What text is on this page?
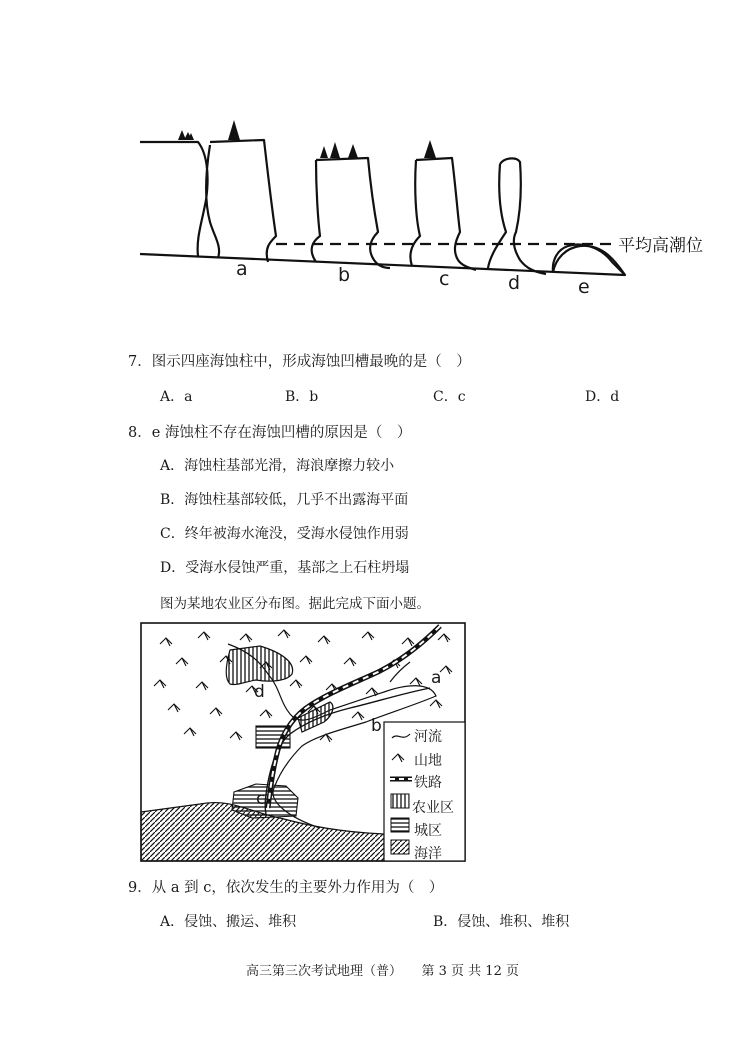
平均高潮位
a	b	c	d	e
7．图示四座海蚀柱中，形成海蚀凹槽最晚的是（　）
A．a	B．b	C．c	D．d
8．e 海蚀柱不存在海蚀凹槽的原因是（　）
A．海蚀柱基部光滑，海浪摩擦力较小
B．海蚀柱基部较低，几乎不出露海平面
C．终年被海水淹没，受海水侵蚀作用弱
D．受海水侵蚀严重，基部之上石柱坍塌
图为某地农业区分布图。据此完成下面小题。
a
b
c
d
河流
山地
铁路
农业区
城区
海洋
9．从 a 到 c，依次发生的主要外力作用为（　）
A．侵蚀、搬运、堆积	B．侵蚀、堆积、堆积
高三第三次考试地理（普）　　第 3 页 共 12 页
